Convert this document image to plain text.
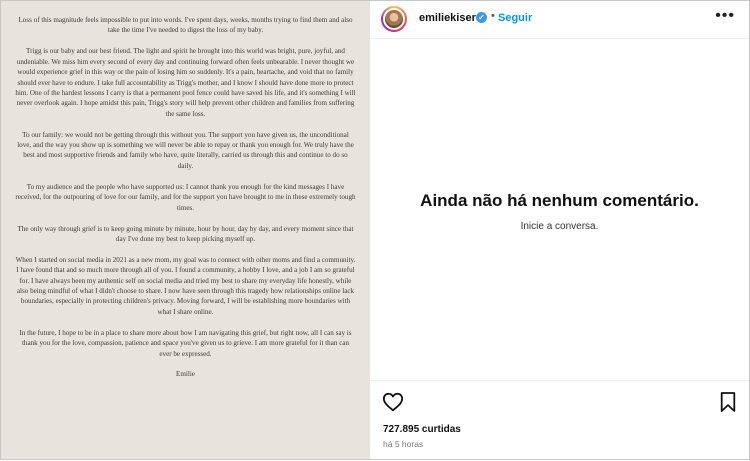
Loss of this magnitude feels impossible to put into words. I've spent days, weeks, months trying to find them and also take the time I've needed to digest the loss of my baby.

Trigg is our baby and our best friend. The light and spirit he brought into this world was bright, pure, joyful, and undeniable. We miss him every second of every day and continuing forward often feels unbearable. I never thought we would experience grief in this way or the pain of losing him so suddenly. It's a pain, heartache, and void that no family should ever have to endure. I take full accountability as Trigg's mother, and I know I should have done more to protect him. One of the hardest lessons I carry is that a permanent pool fence could have saved his life, and it's something I will never overlook again. I hope amidst this pain, Trigg's story will help prevent other children and families from suffering the same loss.

To our family: we would not be getting through this without you. The support you have given us, the unconditional love, and the way you show up is something we will never be able to repay or thank you enough for. We truly have the best and most supportive friends and family who have, quite literally, carried us through this and continue to do so daily.

To my audience and the people who have supported us: I cannot thank you enough for the kind messages I have received, for the outpouring of love for our family, and for the support you have brought to me in these extremely tough times.

The only way through grief is to keep going minute by minute, hour by hour, day by day, and every moment since that day I've done my best to keep picking myself up.

When I started on social media in 2021 as a new mom, my goal was to connect with other moms and find a community. I have found that and so much more through all of you. I found a community, a hobby I love, and a job I am so grateful for. I have always been my authentic self on social media and tried my best to share my everyday life honestly, while also being mindful of what I didn't choose to share. I now have seen through this tragedy how relationships online lack boundaries, especially in protecting children's privacy. Moving forward, I will be establishing more boundaries with what I share online.

In the future, I hope to be in a place to share more about how I am navigating this grief, but right now, all I can say is thank you for the love, compassion, patience and space you've given us to grieve. I am more grateful for it than can ever be expressed.

Emilie

emiliekiser ✓ • Seguir	•••
Ainda não há nenhum comentário.
Inicie a conversa.
727.895 curtidas
há 5 horas
